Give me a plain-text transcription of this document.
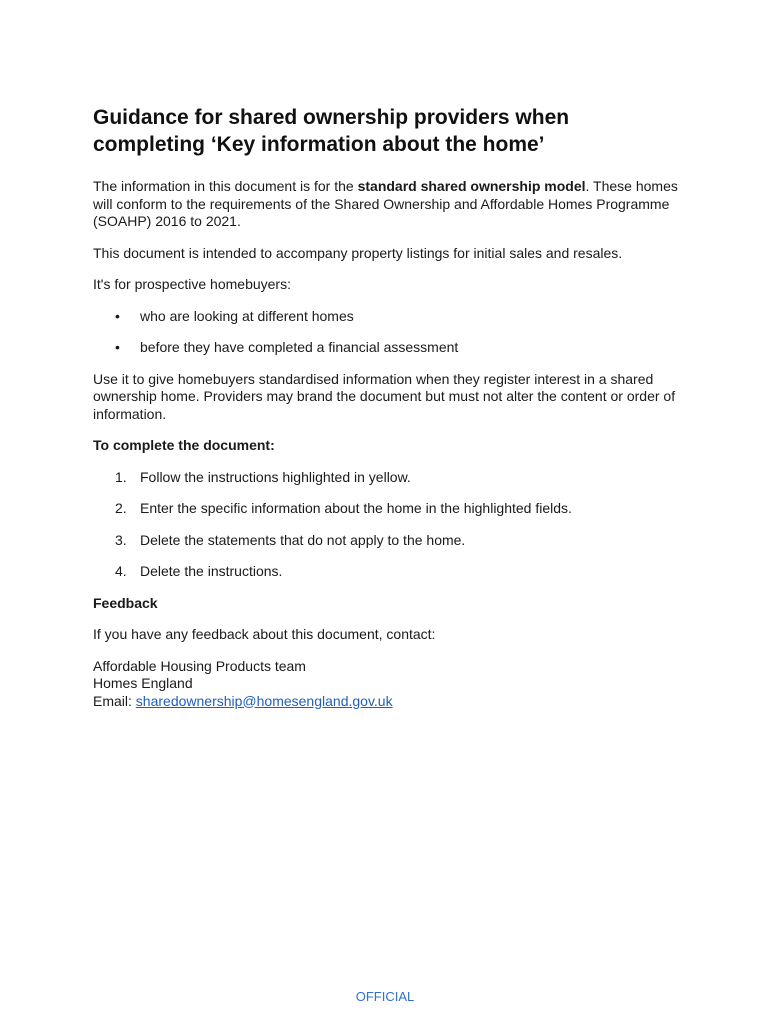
Guidance for shared ownership providers when completing ‘Key information about the home’

The information in this document is for the standard shared ownership model. These homes will conform to the requirements of the Shared Ownership and Affordable Homes Programme (SOAHP) 2016 to 2021.

This document is intended to accompany property listings for initial sales and resales.

It's for prospective homebuyers:

• who are looking at different homes
• before they have completed a financial assessment

Use it to give homebuyers standardised information when they register interest in a shared ownership home. Providers may brand the document but must not alter the content or order of information.

To complete the document:

1. Follow the instructions highlighted in yellow.
2. Enter the specific information about the home in the highlighted fields.
3. Delete the statements that do not apply to the home.
4. Delete the instructions.

Feedback

If you have any feedback about this document, contact:

Affordable Housing Products team
Homes England
Email: sharedownership@homesengland.gov.uk

OFFICIAL
